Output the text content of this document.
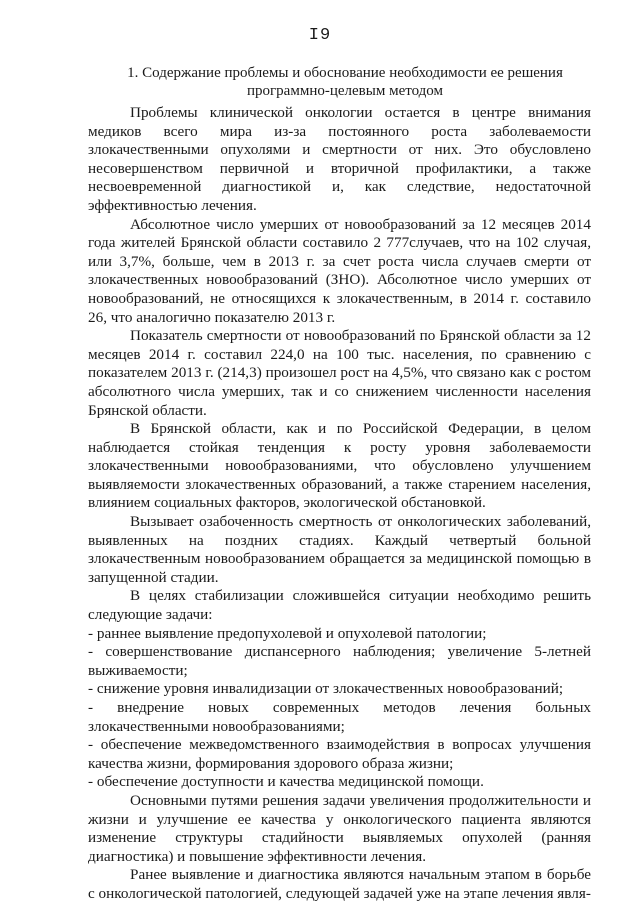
I9
1. Содержание проблемы и обоснование необходимости ее решения программно-целевым методом

Проблемы клинической онкологии остается в центре внимания медиков всего мира из-за постоянного роста заболеваемости злокачественными опухолями и смертности от них. Это обусловлено несовершенством первичной и вторичной профилактики, а также несвоевременной диагностикой и, как следствие, недостаточной эффективностью лечения.

Абсолютное число умерших от новообразований за 12 месяцев 2014 года жителей Брянской области составило 2 777случаев, что на 102 случая, или 3,7%, больше, чем в 2013 г. за счет роста числа случаев смерти от злокачественных новообразований (ЗНО). Абсолютное число умерших от новообразований, не относящихся к злокачественным, в 2014 г. составило 26, что аналогично показателю 2013 г.

Показатель смертности от новообразований по Брянской области за 12 месяцев 2014 г. составил 224,0 на 100 тыс. населения, по сравнению с показателем 2013 г. (214,3) произошел рост на 4,5%, что связано как с ростом абсолютного числа умерших, так и со снижением численности населения Брянской области.

В Брянской области, как и по Российской Федерации, в целом наблюдается стойкая тенденция к росту уровня заболеваемости злокачественными новообразованиями, что обусловлено улучшением выявляемости злокачественных образований, а также старением населения, влиянием социальных факторов, экологической обстановкой.

Вызывает озабоченность смертность от онкологических заболеваний, выявленных на поздних стадиях. Каждый четвертый больной злокачественным новообразованием обращается за медицинской помощью в запущенной стадии.

В целях стабилизации сложившейся ситуации необходимо решить следующие задачи:

- раннее выявление предопухолевой и опухолевой патологии;

- совершенствование диспансерного наблюдения; увеличение 5-летней выживаемости;

- снижение уровня инвалидизации от злокачественных новообразований;

- внедрение новых современных методов лечения больных злокачественными новообразованиями;

- обеспечение межведомственного взаимодействия в вопросах улучшения качества жизни, формирования здорового образа жизни;

- обеспечение доступности и качества медицинской помощи.

Основными путями решения задачи увеличения продолжительности и жизни и улучшение ее качества у онкологического пациента являются изменение структуры стадийности выявляемых опухолей (ранняя диагностика) и повышение эффективности лечения.

Ранее выявление и диагностика являются начальным этапом в борьбе с онкологической патологией, следующей задачей уже на этапе лечения явля-
